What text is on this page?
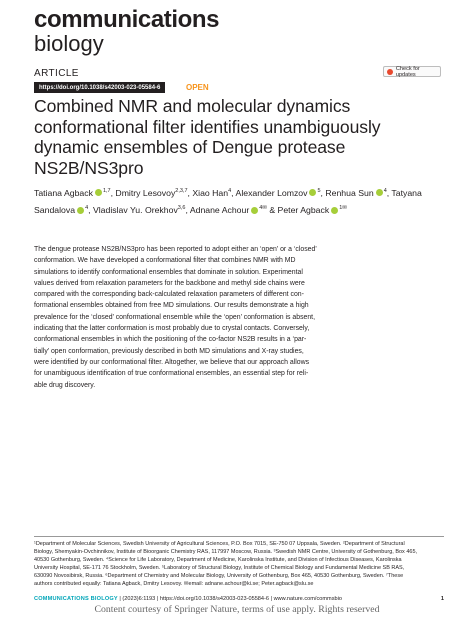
communications
biology
Check for updates
ARTICLE
https://doi.org/10.1038/s42003-023-05584-6	OPEN
Combined NMR and molecular dynamics conformational filter identifies unambiguously dynamic ensembles of Dengue protease NS2B/NS3pro
Tatiana Agback $^{1,7}$, Dmitry Lesovoy$^{2,3,7}$, Xiao Han$^4$, Alexander Lomzov $^5$, Renhua Sun $^4$, Tatyana Sandalova $^4$, Vladislav Yu. Orekhov$^{3,6}$, Adnane Achour $^{4✉}$ & Peter Agback $^{1✉}$
The dengue protease NS2B/NS3pro has been reported to adopt either an ‘open’ or a ‘closed’
conformation. We have developed a conformational filter that combines NMR with MD
simulations to identify conformational ensembles that dominate in solution. Experimental
values derived from relaxation parameters for the backbone and methyl side chains were
compared with the corresponding back-calculated relaxation parameters of different con-
formational ensembles obtained from free MD simulations. Our results demonstrate a high
prevalence for the ‘closed’ conformational ensemble while the ‘open’ conformation is absent,
indicating that the latter conformation is most probably due to crystal contacts. Conversely,
conformational ensembles in which the positioning of the co-factor NS2B results in a ‘par-
tially’ open conformation, previously described in both MD simulations and X-ray studies,
were identified by our conformational filter. Altogether, we believe that our approach allows
for unambiguous identification of true conformational ensembles, an essential step for reli-
able drug discovery.
¹Department of Molecular Sciences, Swedish University of Agricultural Sciences, P.O. Box 7015, SE-750 07 Uppsala, Sweden. ²Department of Structural
Biology, Shemyakin-Ovchinnikov, Institute of Bioorganic Chemistry RAS, 117997 Moscow, Russia. ³Swedish NMR Centre, University of Gothenburg, Box 465,
40530 Gothenburg, Sweden. ⁴Science for Life Laboratory, Department of Medicine, Karolinska Institute, and Division of Infectious Diseases, Karolinska
University Hospital, SE-171 76 Stockholm, Sweden. ⁵Laboratory of Structural Biology, Institute of Chemical Biology and Fundamental Medicine SB RAS,
630090 Novosibirsk, Russia. ⁶Department of Chemistry and Molecular Biology, University of Gothenburg, Box 465, 40530 Gothenburg, Sweden. ⁷These
authors contributed equally: Tatiana Agback, Dmitry Lesovoy. ✉email: adnane.achour@ki.se; Peter.agback@slu.se
COMMUNICATIONS BIOLOGY | (2023)6:1193 | https://doi.org/10.1038/s42003-023-05584-6 | www.nature.com/commsbio	1
Content courtesy of Springer Nature, terms of use apply. Rights reserved
